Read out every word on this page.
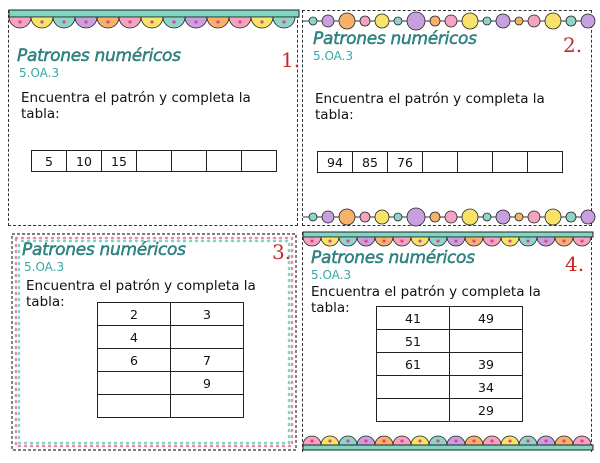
Patrones numéricos
5.OA.3
1.
Encuentra el patrón y completa la tabla:
5	10	15				
Patrones numéricos
5.OA.3	2.
Encuentra el patrón y completa la tabla:
94	85	76				
Patrones numéricos
5.OA.3
3.
Encuentra el patrón y completa la tabla:
2	3
4	
6	7
	9

Patrones numéricos
5.OA.3	4.
Encuentra el patrón y completa la tabla:
41	49
51	
61	39
	34
	29
